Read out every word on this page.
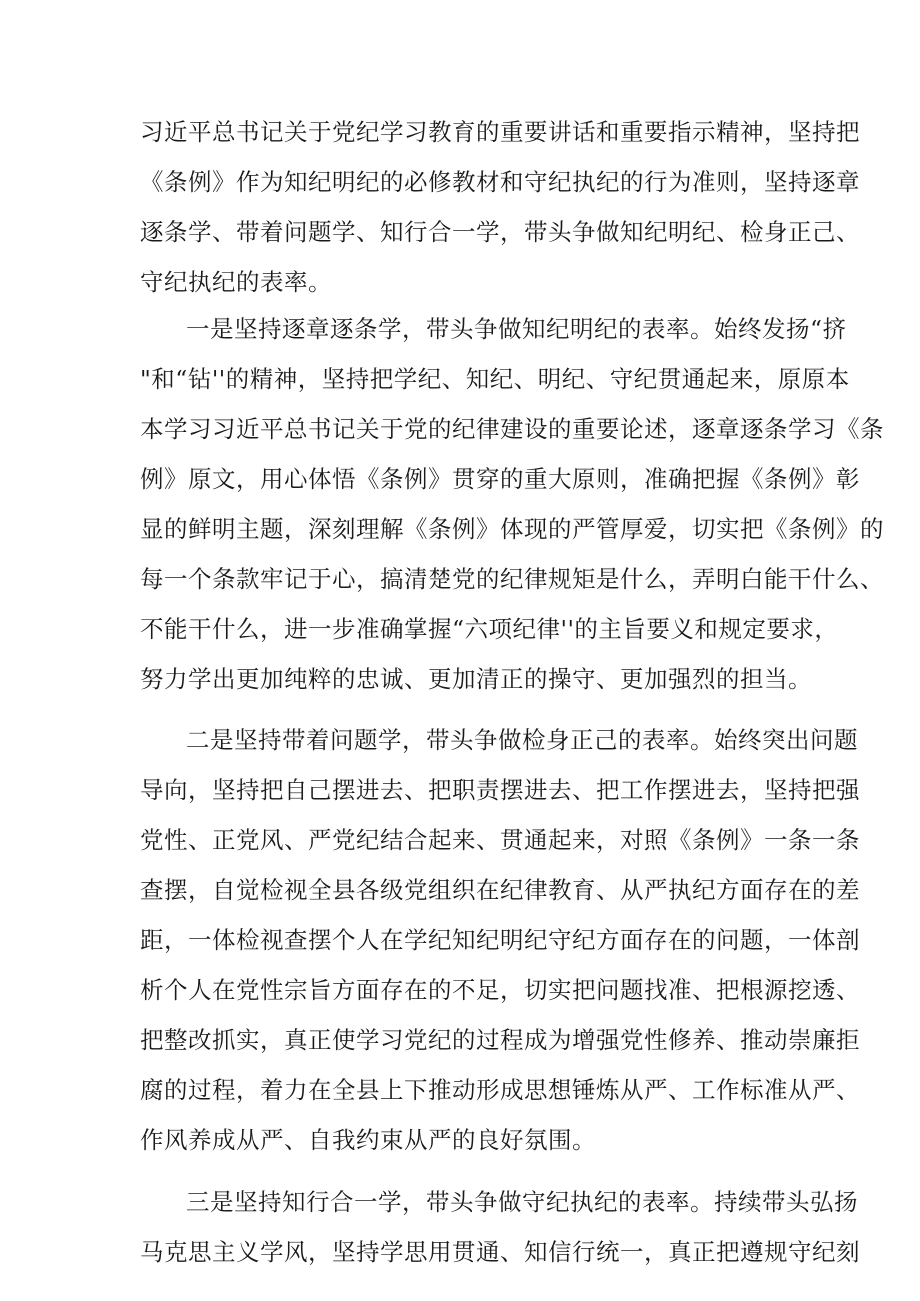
习近平总书记关于党纪学习教育的重要讲话和重要指示精神，坚持把
《条例》作为知纪明纪的必修教材和守纪执纪的行为准则，坚持逐章
逐条学、带着问题学、知行合一学，带头争做知纪明纪、检身正己、
守纪执纪的表率。
一是坚持逐章逐条学，带头争做知纪明纪的表率。始终发扬“挤
"和“钻''的精神，坚持把学纪、知纪、明纪、守纪贯通起来，原原本
本学习习近平总书记关于党的纪律建设的重要论述，逐章逐条学习《条
例》原文，用心体悟《条例》贯穿的重大原则，准确把握《条例》彰
显的鲜明主题，深刻理解《条例》体现的严管厚爱，切实把《条例》的
每一个条款牢记于心，搞清楚党的纪律规矩是什么，弄明白能干什么、
不能干什么，进一步准确掌握“六项纪律''的主旨要义和规定要求，
努力学出更加纯粹的忠诚、更加清正的操守、更加强烈的担当。
二是坚持带着问题学，带头争做检身正己的表率。始终突出问题
导向，坚持把自己摆进去、把职责摆进去、把工作摆进去，坚持把强
党性、正党风、严党纪结合起来、贯通起来，对照《条例》一条一条
查摆，自觉检视全县各级党组织在纪律教育、从严执纪方面存在的差
距，一体检视查摆个人在学纪知纪明纪守纪方面存在的问题，一体剖
析个人在党性宗旨方面存在的不足，切实把问题找准、把根源挖透、
把整改抓实，真正使学习党纪的过程成为增强党性修养、推动崇廉拒
腐的过程，着力在全县上下推动形成思想锤炼从严、工作标准从严、
作风养成从严、自我约束从严的良好氛围。
三是坚持知行合一学，带头争做守纪执纪的表率。持续带头弘扬
马克思主义学风，坚持学思用贯通、知信行统一，真正把遵规守纪刻
